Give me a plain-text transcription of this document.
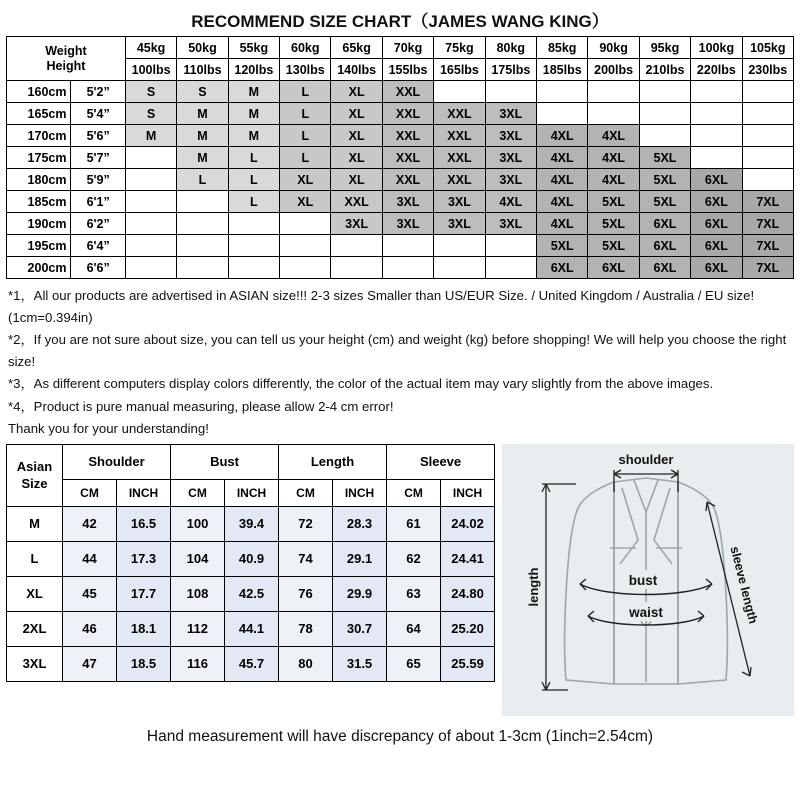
RECOMMEND SIZE CHART（JAMES WANG KING）
Weight
Height		45kg	50kg	55kg	60kg	65kg	70kg	75kg	80kg	85kg	90kg	95kg	100kg	105kg
		100lbs	110lbs	120lbs	130lbs	140lbs	155lbs	165lbs	175lbs	185lbs	200lbs	210lbs	220lbs	230lbs
160cm	5'2”	S	S	M	L	XL	XXL							
165cm	5'4”	S	M	M	L	XL	XXL	XXL	3XL					
170cm	5'6”	M	M	M	L	XL	XXL	XXL	3XL	4XL	4XL			
175cm	5'7”		M	L	L	XL	XXL	XXL	3XL	4XL	4XL	5XL		
180cm	5'9”		L	L	XL	XL	XXL	XXL	3XL	4XL	4XL	5XL	6XL	
185cm	6'1”			L	XL	XXL	3XL	3XL	4XL	4XL	5XL	5XL	6XL	7XL
190cm	6'2”					3XL	3XL	3XL	3XL	4XL	5XL	6XL	6XL	7XL
195cm	6'4”									5XL	5XL	6XL	6XL	7XL
200cm	6'6”									6XL	6XL	6XL	6XL	7XL

*1，All our products are advertised in ASIAN size!!! 2-3 sizes Smaller than US/EUR Size. / United Kingdom / Australia / EU size! (1cm=0.394in)

*2，If you are not sure about size, you can tell us your height (cm) and weight (kg) before shopping! We will help you choose the right size!

*3，As different computers display colors differently, the color of the actual item may vary slightly from the above images.

*4，Product is pure manual measuring, please allow 2-4 cm error!

Thank you for your understanding!

Asian
Size	Shoulder		Bust		Length		Sleeve	
	CM	INCH	CM	INCH	CM	INCH	CM	INCH
M	42	16.5	100	39.4	72	28.3	61	24.02
L	44	17.3	104	40.9	74	29.1	62	24.41
XL	45	17.7	108	42.5	76	29.9	63	24.80
2XL	46	18.1	112	44.1	78	30.7	64	25.20
3XL	47	18.5	116	45.7	80	31.5	65	25.59
shoulder
length	bust
waist	sleeve length
Hand measurement will have discrepancy of about 1-3cm (1inch=2.54cm)
